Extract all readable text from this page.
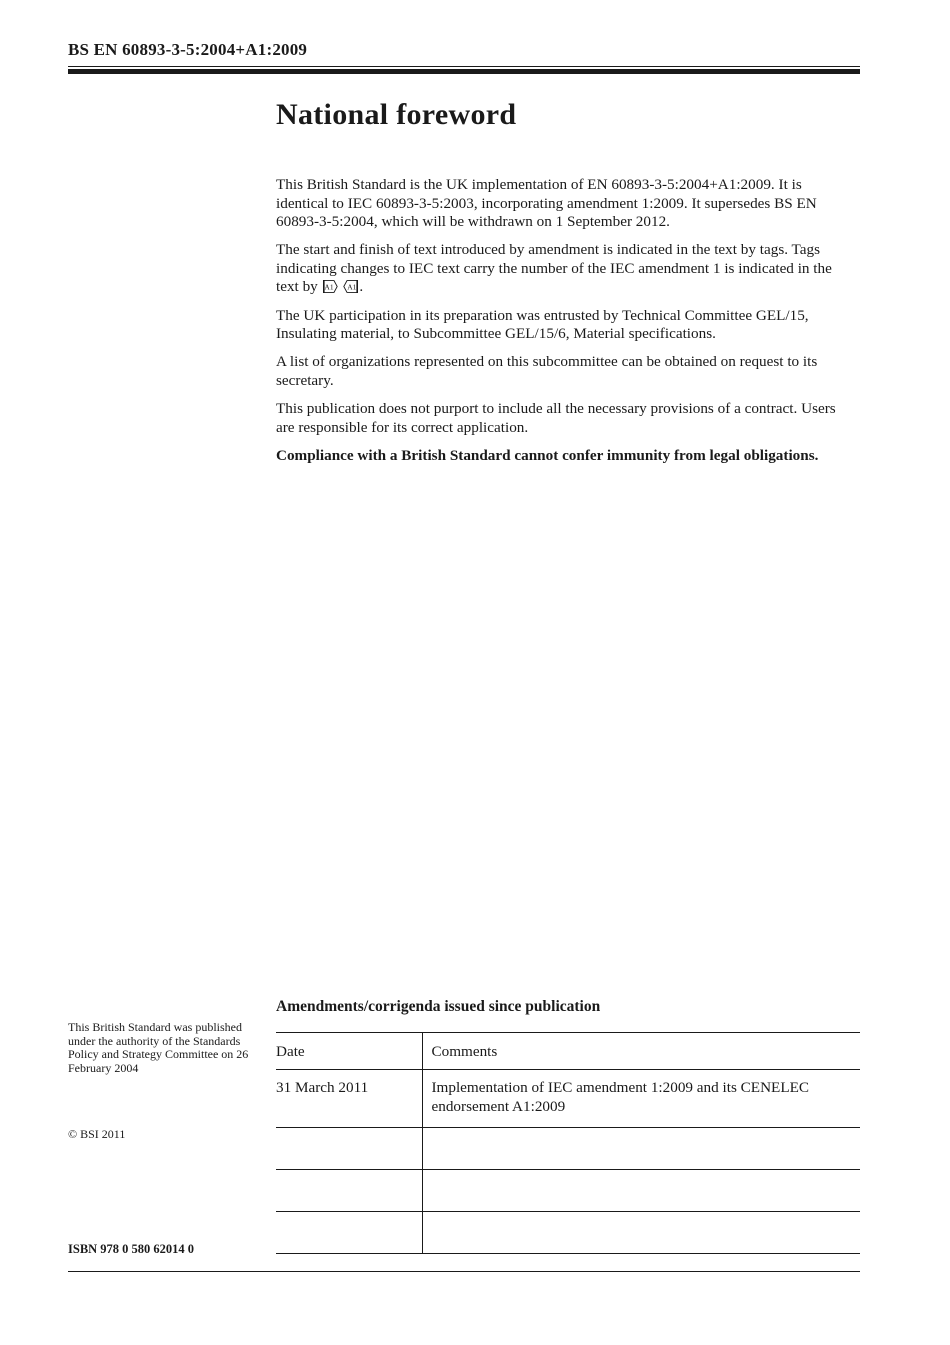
BS EN 60893-3-5:2004+A1:2009
National foreword

This British Standard is the UK implementation of EN 60893-3-5:2004+A1:2009. It is identical to IEC 60893-3-5:2003, incorporating amendment 1:2009. It supersedes BS EN 60893-3-5:2004, which will be withdrawn on 1 September 2012.

The start and finish of text introduced by amendment is indicated in the text by tags. Tags indicating changes to IEC text carry the number of the IEC amendment 1 is indicated in the text by A1
A1 .

The UK participation in its preparation was entrusted by Technical Committee GEL/15, Insulating material, to Subcommittee GEL/15/6, Material specifications.

A list of organizations represented on this subcommittee can be obtained on request to its secretary.

This publication does not purport to include all the necessary provisions of a contract. Users are responsible for its correct application.

Compliance with a British Standard cannot confer immunity from legal obligations.

Amendments/corrigenda issued since publication
Date	Comments
31 March 2011	Implementation of IEC amendment 1:2009 and its CENELEC endorsement A1:2009

This British Standard was published under the authority of the Standards Policy and Strategy Committee on 26 February 2004
© BSI 2011
ISBN 978 0 580 62014 0
